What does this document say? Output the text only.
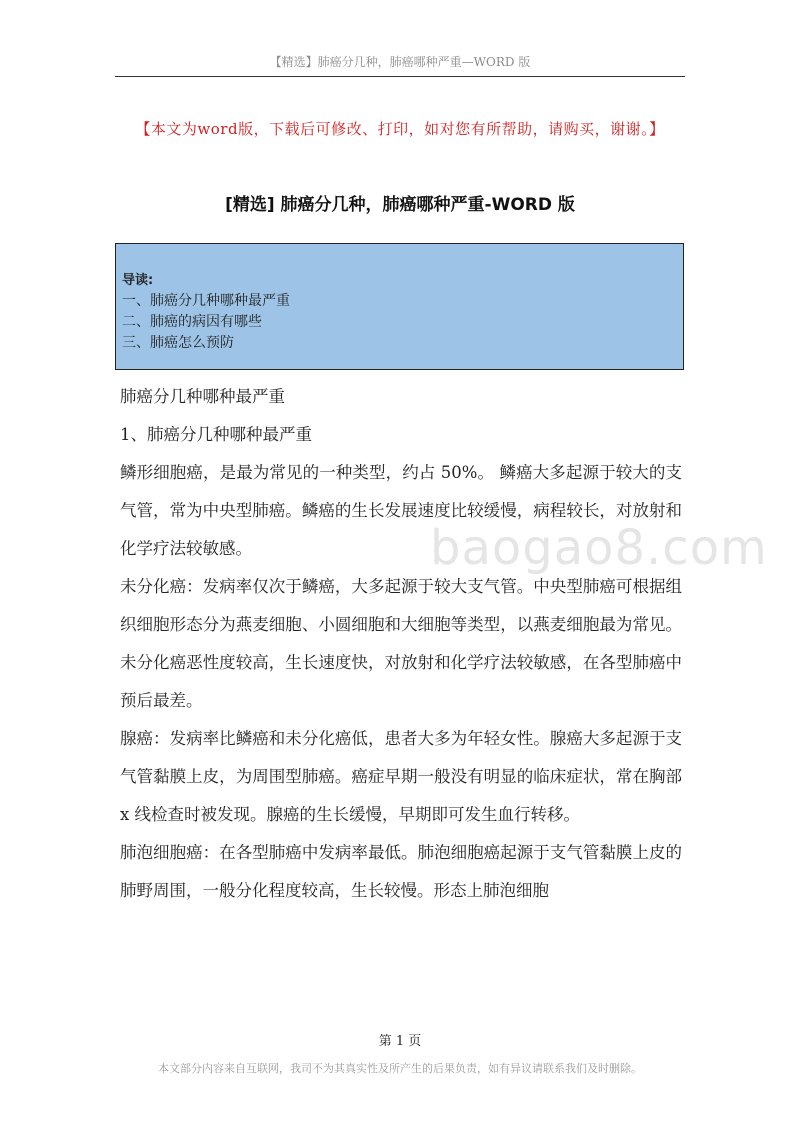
【精选】肺癌分几种，肺癌哪种严重—WORD 版
【本文为word版，下载后可修改、打印，如对您有所帮助，请购买，谢谢。】
[精选] 肺癌分几种，肺癌哪种严重-WORD 版
导读:
一、肺癌分几种哪种最严重
二、肺癌的病因有哪些
三、肺癌怎么预防

肺癌分几种哪种最严重

1、肺癌分几种哪种最严重

鳞形细胞癌，是最为常见的一种类型，约占 50%。 鳞癌大多起源于较大的支气管，常为中央型肺癌。鳞癌的生长发展速度比较缓慢，病程较长，对放射和化学疗法较敏感。

未分化癌：发病率仅次于鳞癌，大多起源于较大支气管。中央型肺癌可根据组织细胞形态分为燕麦细胞、小圆细胞和大细胞等类型，以燕麦细胞最为常见。未分化癌恶性度较高，生长速度快，对放射和化学疗法较敏感，在各型肺癌中预后最差。

腺癌：发病率比鳞癌和未分化癌低，患者大多为年轻女性。腺癌大多起源于支气管黏膜上皮，为周围型肺癌。癌症早期一般没有明显的临床症状，常在胸部 x 线检查时被发现。腺癌的生长缓慢，早期即可发生血行转移。

肺泡细胞癌：在各型肺癌中发病率最低。肺泡细胞癌起源于支气管黏膜上皮的肺野周围，一般分化程度较高，生长较慢。形态上肺泡细胞

baogao8.com
第 1 页
本文部分内容来自互联网，我司不为其真实性及所产生的后果负责，如有异议请联系我们及时删除。
